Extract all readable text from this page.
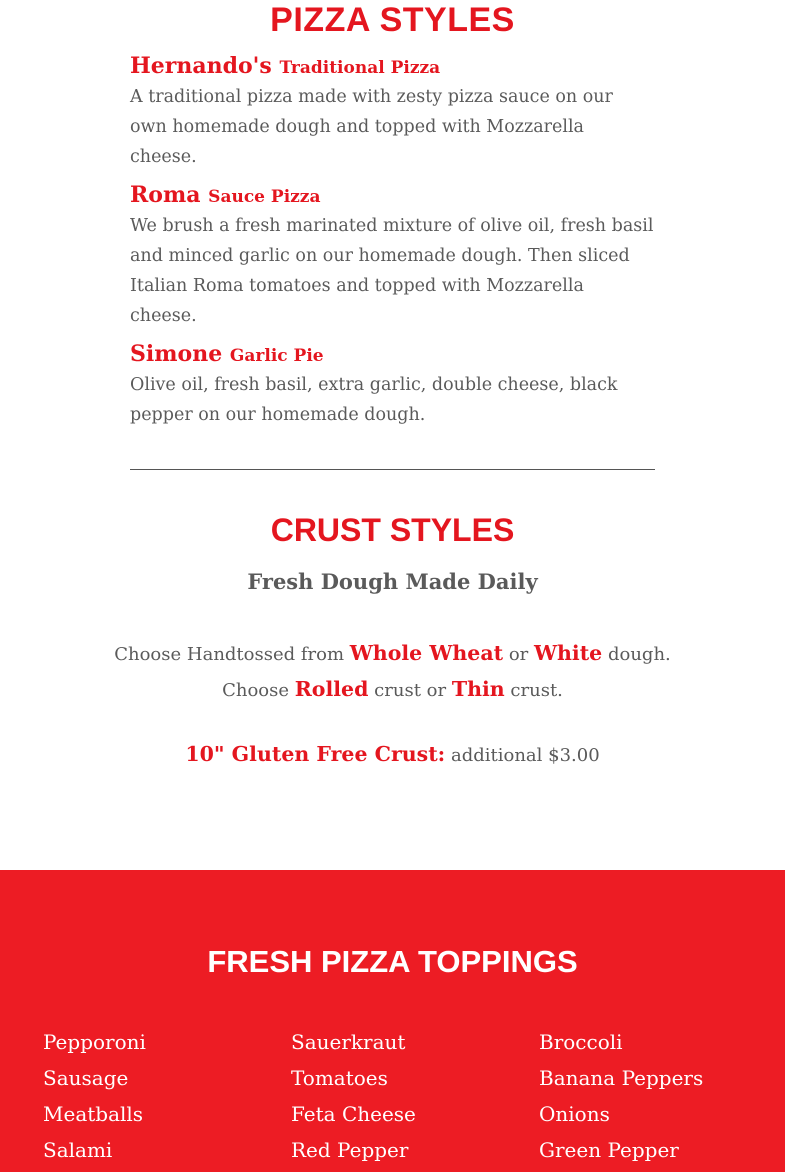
PIZZA STYLES

Hernando's Traditional Pizza

A traditional pizza made with zesty pizza sauce on our own homemade dough and topped with Mozzarella cheese.

Roma Sauce Pizza

We brush a fresh marinated mixture of olive oil, fresh basil and minced garlic on our homemade dough. Then sliced Italian Roma tomatoes and topped with Mozzarella cheese.

Simone Garlic Pie

Olive oil, fresh basil, extra garlic, double cheese, black pepper on our homemade dough.

CRUST STYLES
Fresh Dough Made Daily

Choose Handtossed from Whole Wheat or White dough.

Choose Rolled crust or Thin crust.

10" Gluten Free Crust: additional $3.00

FRESH PIZZA TOPPINGS
Pepporoni
Sausage
Meatballs
Salami
Sauerkraut
Tomatoes
Feta Cheese
Red Pepper
Broccoli
Banana Peppers
Onions
Green Pepper
